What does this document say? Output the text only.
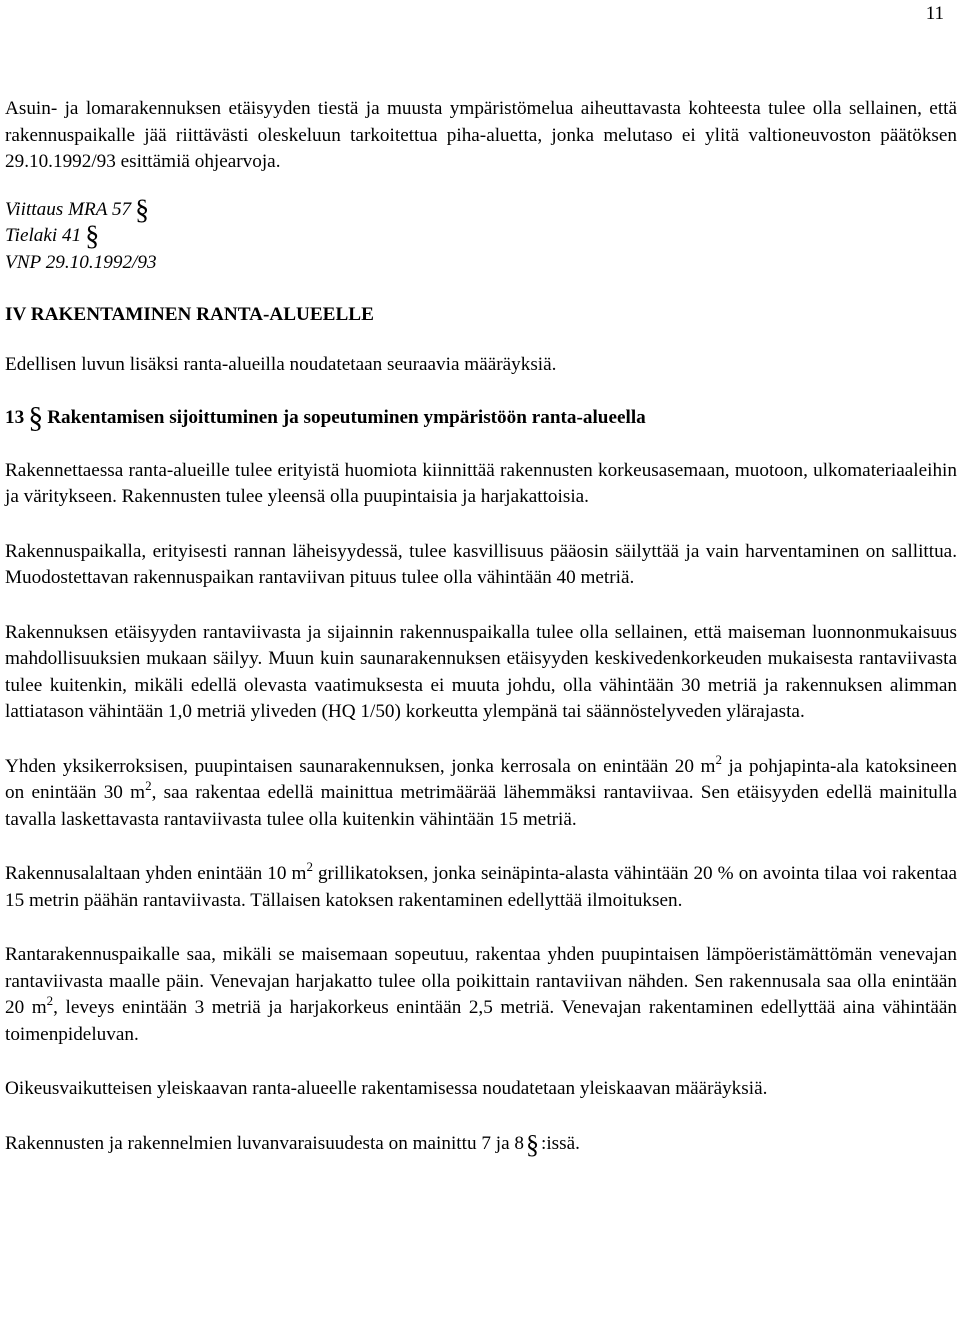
11

Asuin- ja lomarakennuksen etäisyyden tiestä ja muusta ympäristömelua aiheuttavasta kohteesta tulee olla sellainen, että rakennuspaikalle jää riittävästi oleskeluun tarkoitettua piha-aluetta, jonka melutaso ei ylitä valtioneuvoston päätöksen 29.10.1992/93 esittämiä ohjearvoja.

Viittaus MRA 57 §
Tielaki 41 §
VNP 29.10.1992/93
IV RAKENTAMINEN RANTA-ALUEELLE

Edellisen luvun lisäksi ranta-alueilla noudatetaan seuraavia määräyksiä.

13 § Rakentamisen sijoittuminen ja sopeutuminen ympäristöön ranta-alueella

Rakennettaessa ranta-alueille tulee erityistä huomiota kiinnittää rakennusten korkeusasemaan, muotoon, ulkomateriaaleihin ja väritykseen. Rakennusten tulee yleensä olla puupintaisia ja harjakattoisia.

Rakennuspaikalla, erityisesti rannan läheisyydessä, tulee kasvillisuus pääosin säilyttää ja vain harventaminen on sallittua. Muodostettavan rakennuspaikan rantaviivan pituus tulee olla vähintään 40 metriä.

Rakennuksen etäisyyden rantaviivasta ja sijainnin rakennuspaikalla tulee olla sellainen, että maiseman luonnonmukaisuus mahdollisuuksien mukaan säilyy. Muun kuin saunarakennuksen etäisyyden keskivedenkorkeuden mukaisesta rantaviivasta tulee kuitenkin, mikäli edellä olevasta vaatimuksesta ei muuta johdu, olla vähintään 30 metriä ja rakennuksen alimman lattiatason vähintään 1,0 metriä yliveden (HQ 1/50) korkeutta ylempänä tai säännöstelyveden ylärajasta.

Yhden yksikerroksisen, puupintaisen saunarakennuksen, jonka kerrosala on enintään 20 $m^2$ ja pohjapinta-ala katoksineen on enintään 30 $m^2$, saa rakentaa edellä mainittua metrimäärää lähemmäksi rantaviivaa. Sen etäisyyden edellä mainitulla tavalla laskettavasta rantaviivasta tulee olla kuitenkin vähintään 15 metriä.

Rakennusalaltaan yhden enintään 10 $m^2$ grillikatoksen, jonka seinäpinta-alasta vähintään 20 % on avointa tilaa voi rakentaa 15 metrin päähän rantaviivasta. Tällaisen katoksen rakentaminen edellyttää ilmoituksen.

Rantarakennuspaikalle saa, mikäli se maisemaan sopeutuu, rakentaa yhden puupintaisen lämpöeristämättömän venevajan rantaviivasta maalle päin. Venevajan harjakatto tulee olla poikittain rantaviivan nähden. Sen rakennusala saa olla enintään 20 $m^2$, leveys enintään 3 metriä ja harjakorkeus enintään 2,5 metriä. Venevajan rakentaminen edellyttää aina vähintään toimenpideluvan.

Oikeusvaikutteisen yleiskaavan ranta-alueelle rakentamisessa noudatetaan yleiskaavan määräyksiä.

Rakennusten ja rakennelmien luvanvaraisuudesta on mainittu 7 ja 8§ :issä.
